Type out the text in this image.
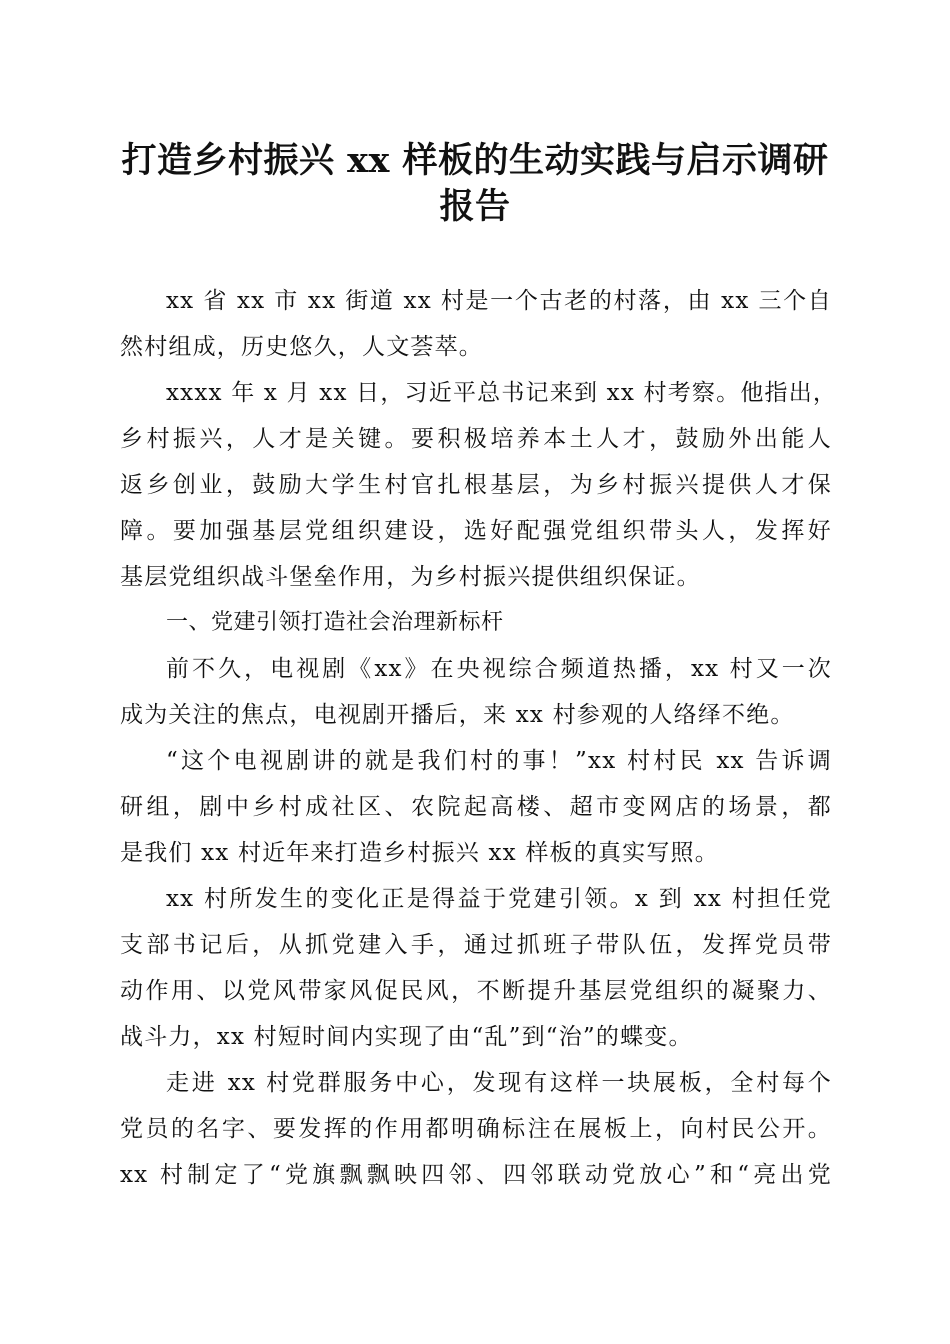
打造乡村振兴 xx 样板的生动实践与启示调研
报告
xx 省 xx 市 xx 街道 xx 村是一个古老的村落，由 xx 三个自
然村组成，历史悠久，人文荟萃。
xxxx 年 x 月 xx 日，习近平总书记来到 xx 村考察。他指出，
乡村振兴，人才是关键。要积极培养本土人才，鼓励外出能人
返乡创业，鼓励大学生村官扎根基层，为乡村振兴提供人才保
障。要加强基层党组织建设，选好配强党组织带头人，发挥好
基层党组织战斗堡垒作用，为乡村振兴提供组织保证。
一、党建引领打造社会治理新标杆
前不久，电视剧《xx》在央视综合频道热播，xx 村又一次
成为关注的焦点，电视剧开播后，来 xx 村参观的人络绎不绝。
“这个电视剧讲的就是我们村的事！”xx 村村民 xx 告诉调
研组，剧中乡村成社区、农院起高楼、超市变网店的场景，都
是我们 xx 村近年来打造乡村振兴 xx 样板的真实写照。
xx 村所发生的变化正是得益于党建引领。x 到 xx 村担任党
支部书记后，从抓党建入手，通过抓班子带队伍，发挥党员带
动作用、以党风带家风促民风，不断提升基层党组织的凝聚力、
战斗力，xx 村短时间内实现了由“乱”到“治”的蝶变。
走进 xx 村党群服务中心，发现有这样一块展板，全村每个
党员的名字、要发挥的作用都明确标注在展板上，向村民公开。
xx 村制定了“党旗飘飘映四邻、四邻联动党放心”和“亮出党
